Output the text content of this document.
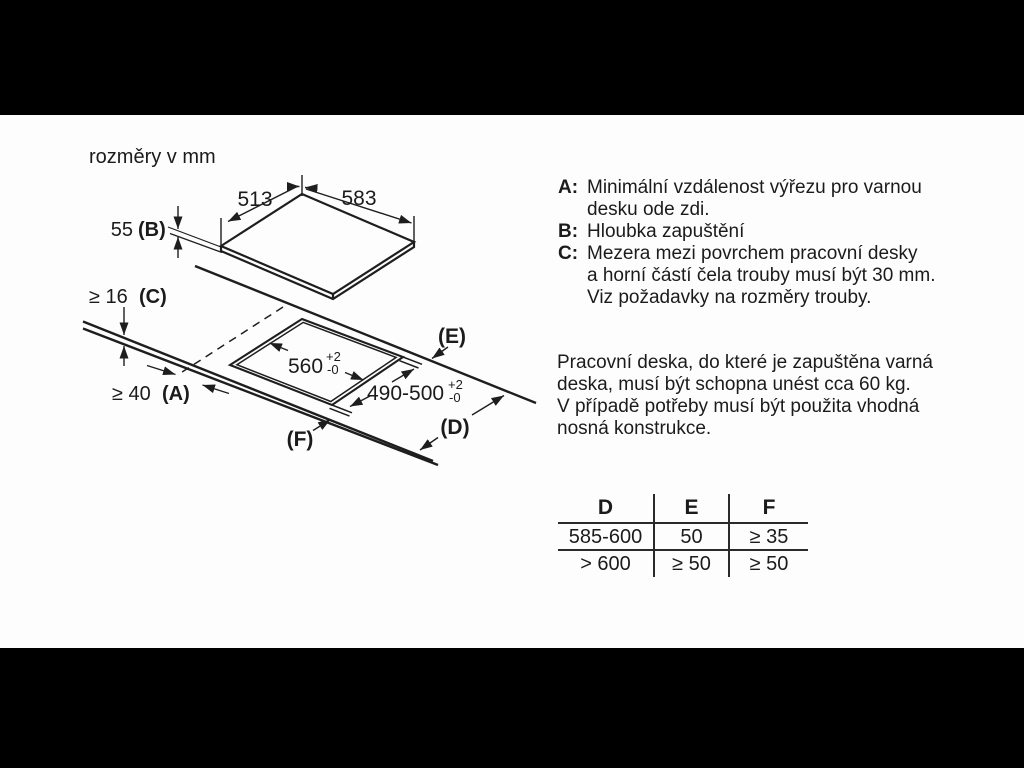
rozměry v mm
513	583
55 (B)
≥ 16 (C)
≥ 40 (A)
560 +2
-0
490-500 +2
-0
(E)
(D)
(F)
A: Minimální vzdálenost výřezu pro varnou
desku ode zdi.
B: Hloubka zapuštění
C: Mezera mezi povrchem pracovní desky
a horní částí čela trouby musí být 30 mm.
Viz požadavky na rozměry trouby.
Pracovní deska, do které je zapuštěna varná
deska, musí být schopna unést cca 60 kg.
V případě potřeby musí být použita vhodná
nosná konstrukce.
D	E	F
585-600	50	≥ 35
> 600	≥ 50	≥ 50
